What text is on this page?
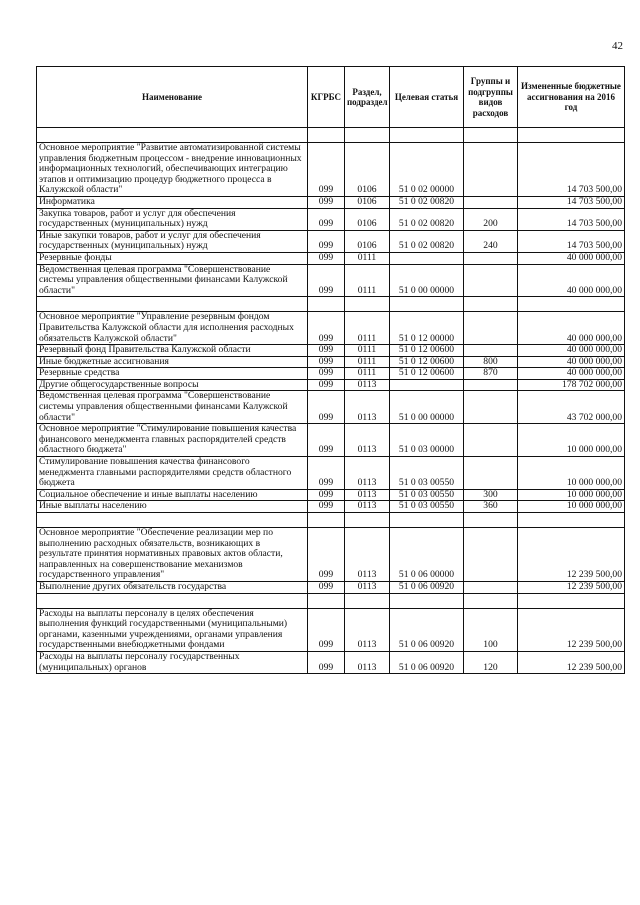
42
Наименование	КГРБС	Раздел, подраздел	Целевая статья	Группы и подгруппы видов расходов	Измененные бюджетные ассигнования на 2016 год

Основное мероприятие "Развитие автоматизированной системы управления бюджетным процессом - внедрение инновационных информационных технологий, обеспечивающих интеграцию этапов и оптимизацию процедур бюджетного процесса в Калужской области"	099	0106	51 0 02 00000		14 703 500,00
Информатика	099	0106	51 0 02 00820		14 703 500,00
Закупка товаров, работ и услуг для обеспечения государственных (муниципальных) нужд	099	0106	51 0 02 00820	200	14 703 500,00
Иные закупки товаров, работ и услуг для обеспечения государственных (муниципальных) нужд	099	0106	51 0 02 00820	240	14 703 500,00
Резервные фонды	099	0111			40 000 000,00
Ведомственная целевая программа "Совершенствование системы управления общественными финансами Калужской области"	099	0111	51 0 00 00000		40 000 000,00

Основное мероприятие "Управление резервным фондом Правительства Калужской области для исполнения расходных обязательств Калужской области"	099	0111	51 0 12 00000		40 000 000,00
Резервный фонд Правительства Калужской области	099	0111	51 0 12 00600		40 000 000,00
Иные бюджетные ассигнования	099	0111	51 0 12 00600	800	40 000 000,00
Резервные средства	099	0111	51 0 12 00600	870	40 000 000,00
Другие общегосударственные вопросы	099	0113			178 702 000,00
Ведомственная целевая программа "Совершенствование системы управления общественными финансами Калужской области"	099	0113	51 0 00 00000		43 702 000,00
Основное мероприятие "Стимулирование повышения качества финансового менеджмента главных распорядителей средств областного бюджета"	099	0113	51 0 03 00000		10 000 000,00
Стимулирование повышения качества финансового менеджмента главными распорядителями средств областного бюджета	099	0113	51 0 03 00550		10 000 000,00
Социальное обеспечение и иные выплаты населению	099	0113	51 0 03 00550	300	10 000 000,00
Иные выплаты населению	099	0113	51 0 03 00550	360	10 000 000,00

Основное мероприятие "Обеспечение реализации мер по выполнению расходных обязательств, возникающих в результате принятия нормативных правовых актов области, направленных на совершенствование механизмов государственного управления"	099	0113	51 0 06 00000		12 239 500,00
Выполнение других обязательств государства	099	0113	51 0 06 00920		12 239 500,00

Расходы на выплаты персоналу в целях обеспечения выполнения функций государственными (муниципальными) органами, казенными учреждениями, органами управления государственными внебюджетными фондами	099	0113	51 0 06 00920	100	12 239 500,00
Расходы на выплаты персоналу государственных (муниципальных) органов	099	0113	51 0 06 00920	120	12 239 500,00
